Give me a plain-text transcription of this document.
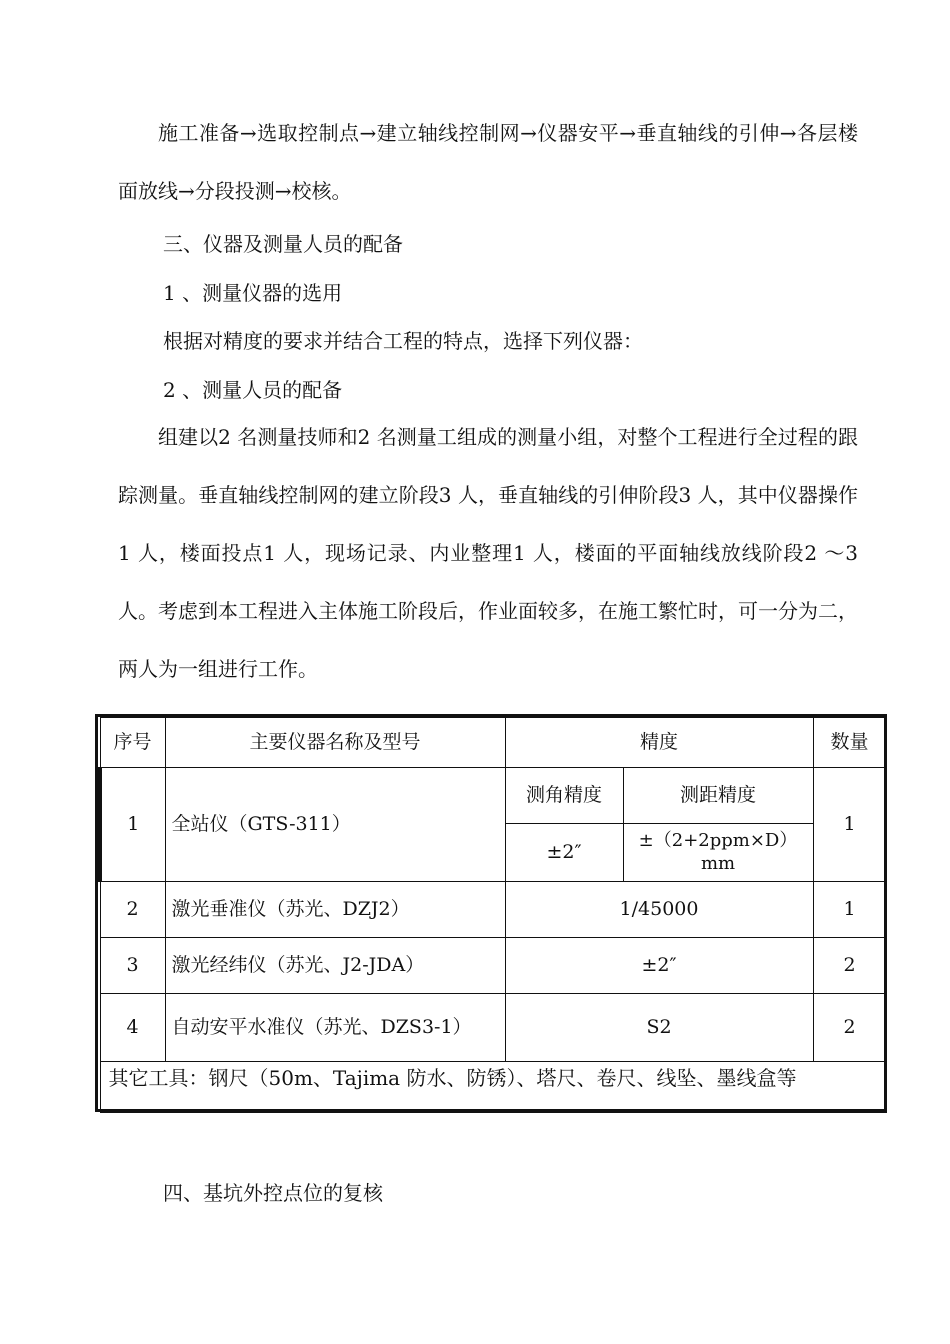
施工准备→选取控制点→建立轴线控制网→仪器安平→垂直轴线的引伸→各层楼面放线→分段投测→校核。

三、仪器及测量人员的配备

1 、测量仪器的选用

根据对精度的要求并结合工程的特点，选择下列仪器：

2 、测量人员的配备

组建以2 名测量技师和2 名测量工组成的测量小组，对整个工程进行全过程的跟踪测量。垂直轴线控制网的建立阶段3 人，垂直轴线的引伸阶段3 人，其中仪器操作1 人，楼面投点1 人，现场记录、内业整理1 人，楼面的平面轴线放线阶段2 ～3 人。考虑到本工程进入主体施工阶段后，作业面较多，在施工繁忙时，可一分为二，两人为一组进行工作。

序号	主要仪器名称及型号	精度		数量
1	全站仪（GTS-311）	测角精度	测距精度	1
		±2″	±（2+2ppm×D）mm	
2	激光垂准仪（苏光、DZJ2）	1/45000		1
3	激光经纬仪（苏光、J2-JDA）	±2″		2
4	自动安平水准仪（苏光、DZS3-1）	S2		2
其它工具：钢尺（50m、Tajima 防水、防锈）、塔尺、卷尺、线坠、墨线盒等				

四、基坑外控点位的复核
